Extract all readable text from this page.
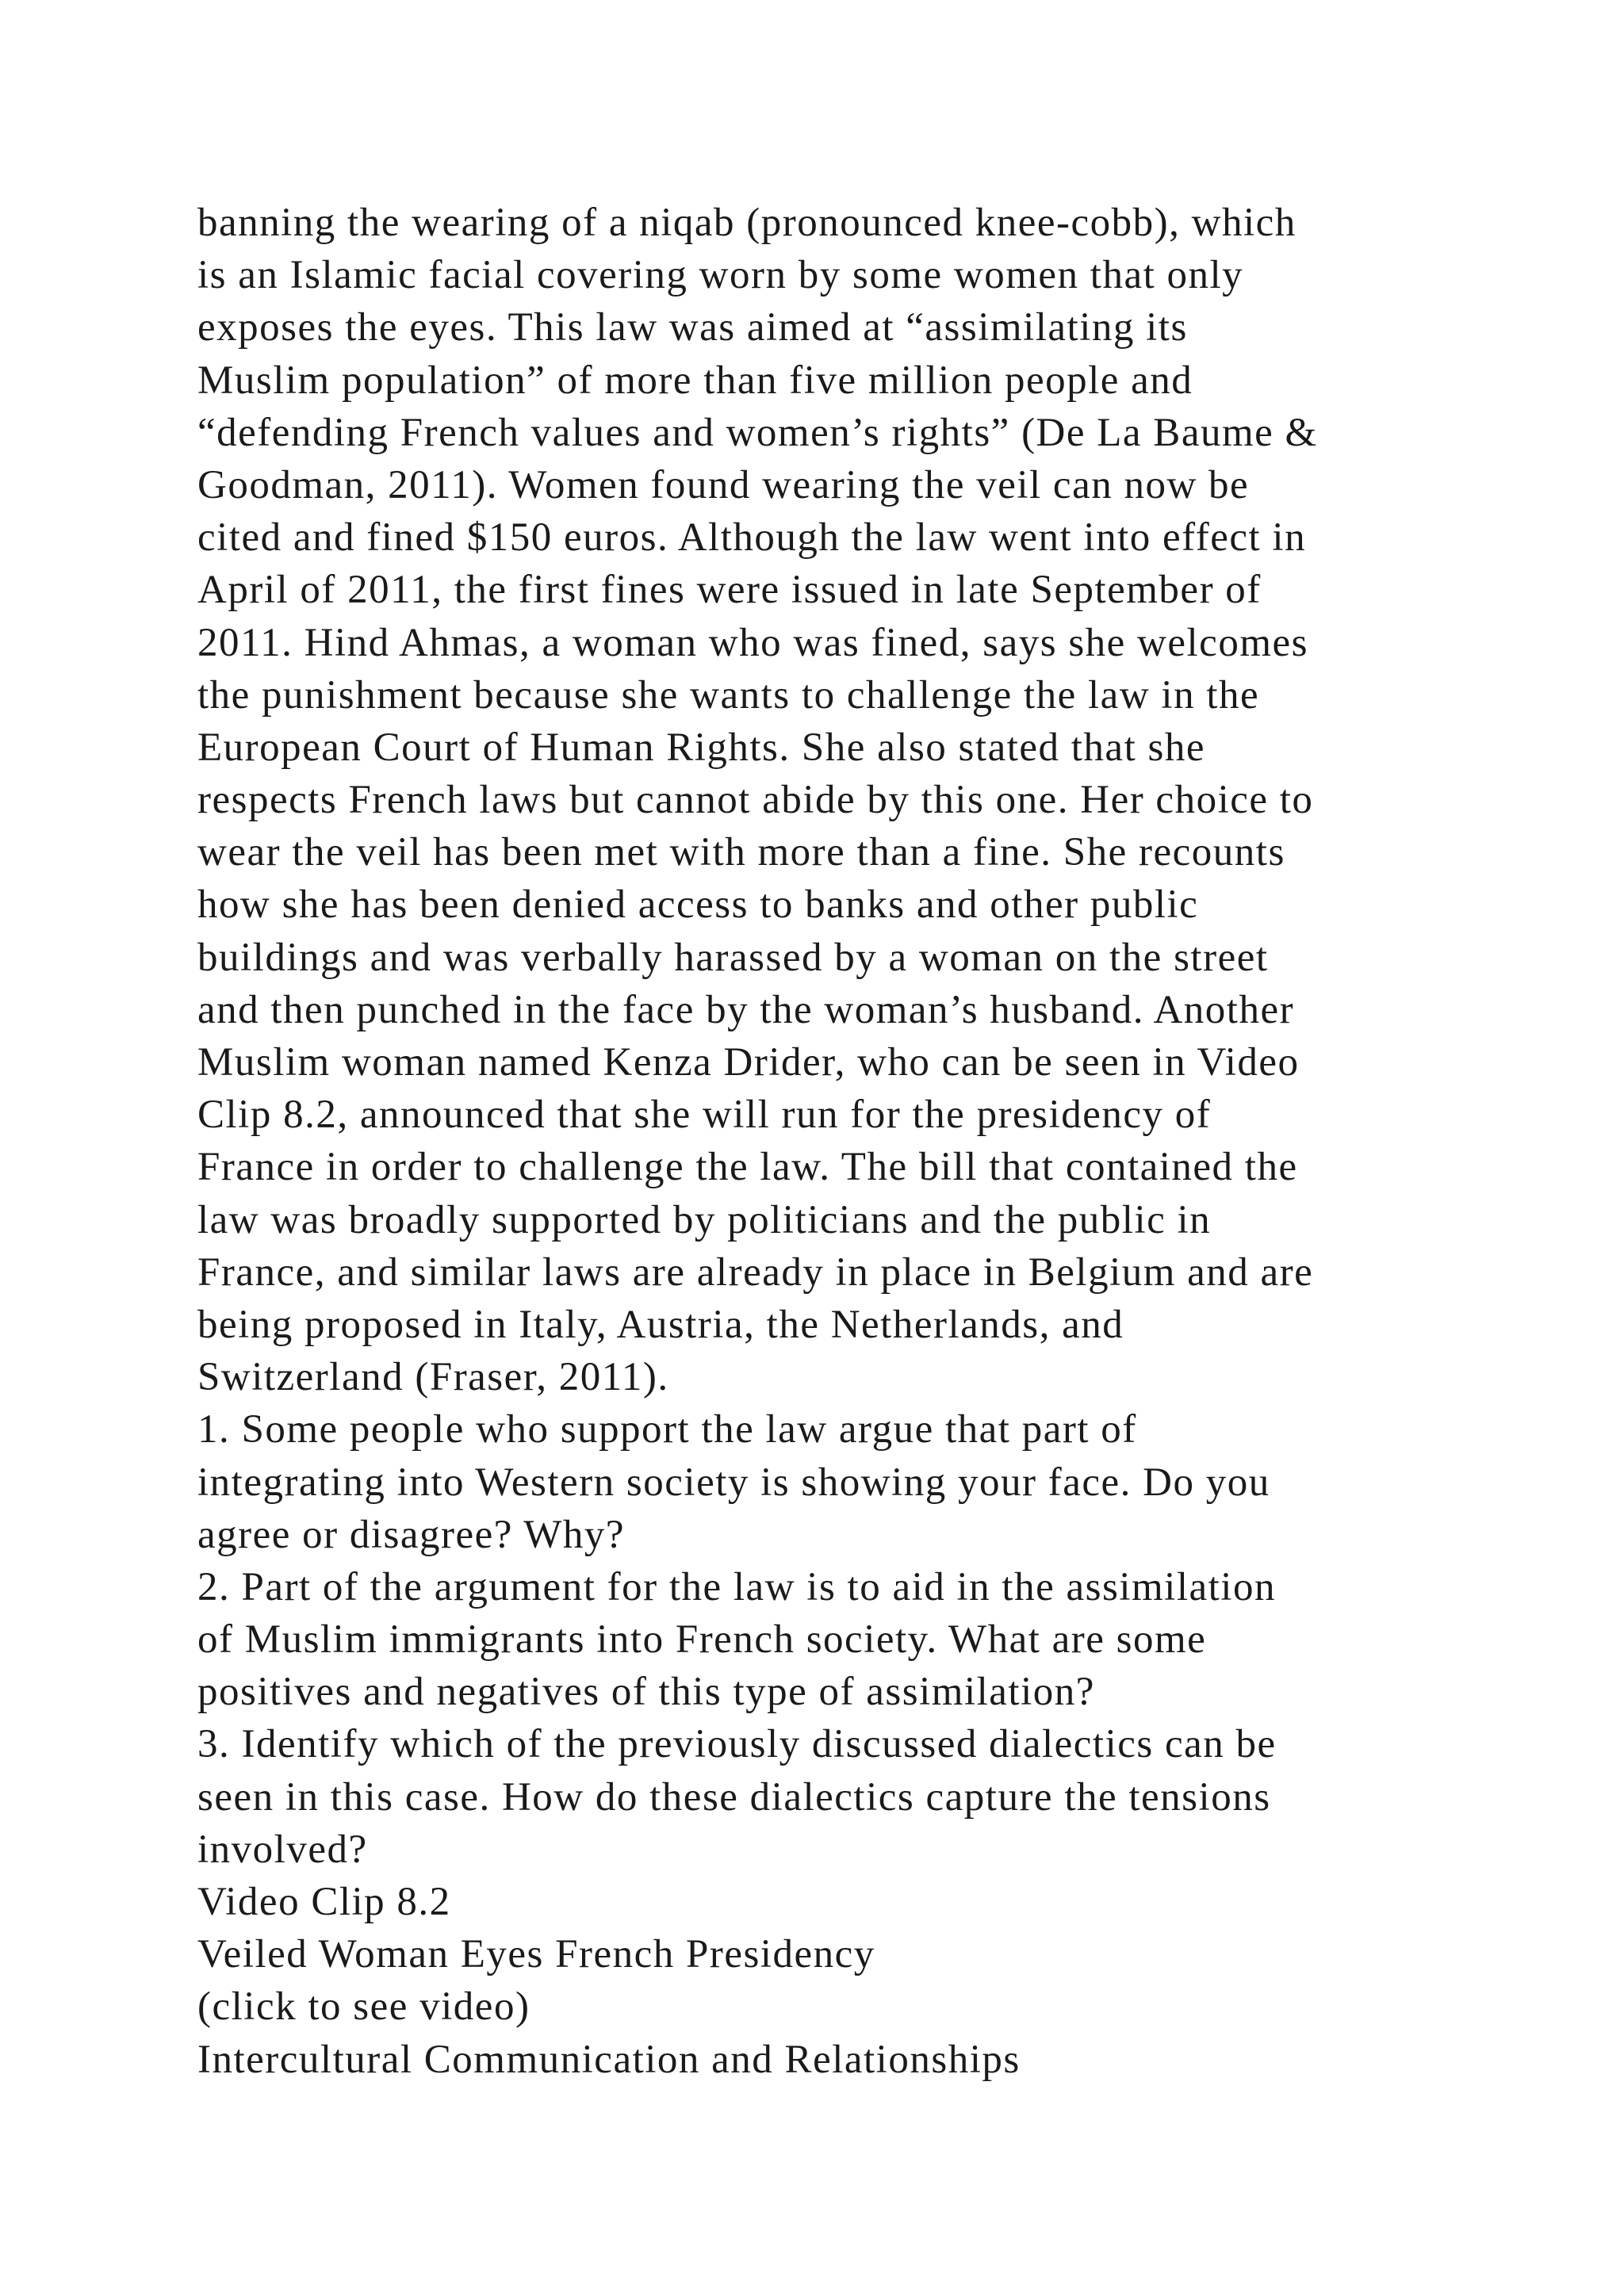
banning the wearing of a niqab (pronounced knee-cobb), which
is an Islamic facial covering worn by some women that only
exposes the eyes. This law was aimed at “assimilating its
Muslim population” of more than five million people and
“defending French values and women’s rights” (De La Baume &
Goodman, 2011). Women found wearing the veil can now be
cited and fined $150 euros. Although the law went into effect in
April of 2011, the first fines were issued in late September of
2011. Hind Ahmas, a woman who was fined, says she welcomes
the punishment because she wants to challenge the law in the
European Court of Human Rights. She also stated that she
respects French laws but cannot abide by this one. Her choice to
wear the veil has been met with more than a fine. She recounts
how she has been denied access to banks and other public
buildings and was verbally harassed by a woman on the street
and then punched in the face by the woman’s husband. Another
Muslim woman named Kenza Drider, who can be seen in Video
Clip 8.2, announced that she will run for the presidency of
France in order to challenge the law. The bill that contained the
law was broadly supported by politicians and the public in
France, and similar laws are already in place in Belgium and are
being proposed in Italy, Austria, the Netherlands, and
Switzerland (Fraser, 2011).
1. Some people who support the law argue that part of
integrating into Western society is showing your face. Do you
agree or disagree? Why?
2. Part of the argument for the law is to aid in the assimilation
of Muslim immigrants into French society. What are some
positives and negatives of this type of assimilation?
3. Identify which of the previously discussed dialectics can be
seen in this case. How do these dialectics capture the tensions
involved?
Video Clip 8.2
Veiled Woman Eyes French Presidency
(click to see video)
Intercultural Communication and Relationships
